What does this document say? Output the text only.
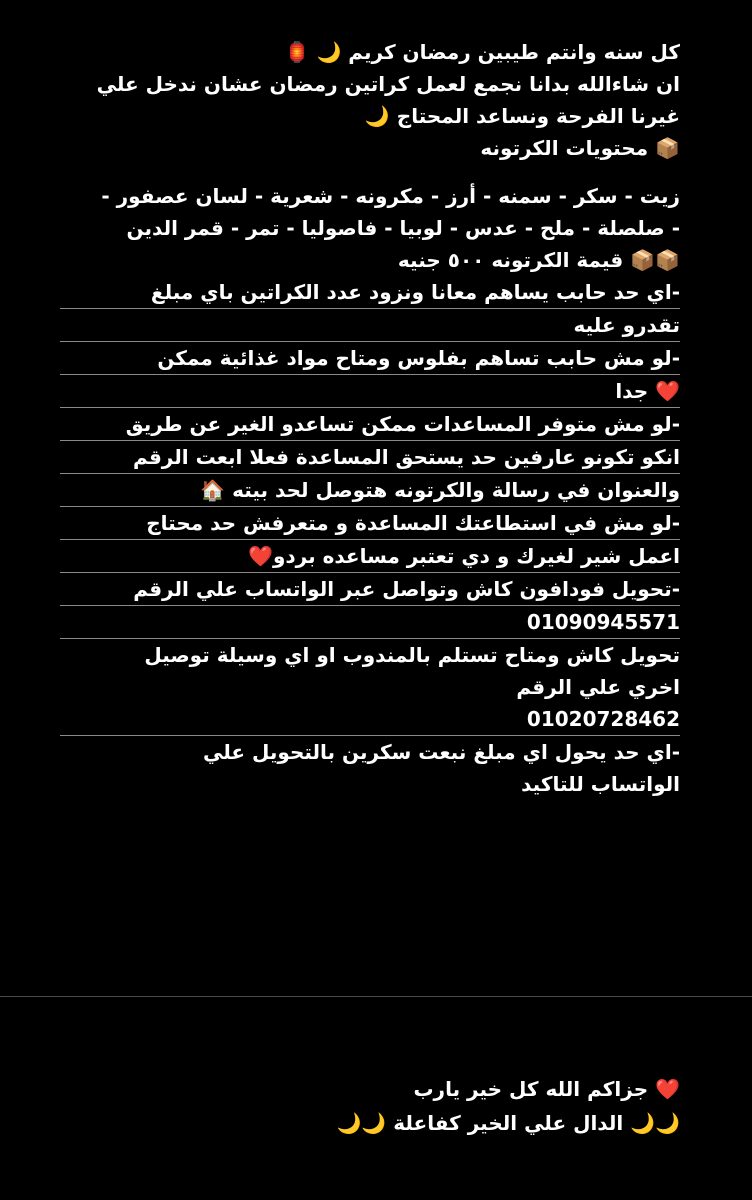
كل سنه وانتم طيبين رمضان كريم 🌙 🏮
ان شاءالله بدانا نجمع لعمل كراتين رمضان عشان ندخل علي
غيرنا الفرحة ونساعد المحتاج 🌙
📦 محتويات الكرتونه
زيت - سكر - سمنه - أرز - مكرونه - شعرية - لسان عصفور -
- صلصلة - ملح - عدس - لوبيا - فاصوليا - تمر - قمر الدين
📦📦 قيمة الكرتونه ٥٠٠ جنيه
-اي حد حابب يساهم معانا ونزود عدد الكراتين باي مبلغ
تقدرو عليه
-لو مش حابب تساهم بفلوس ومتاح مواد غذائية ممكن
❤️ جدا
-لو مش متوفر المساعدات ممكن تساعدو الغير عن طريق
انكو تكونو عارفين حد يستحق المساعدة فعلا ابعت الرقم
والعنوان في رسالة والكرتونه هتوصل لحد بيته 🏠
-لو مش في استطاعتك المساعدة و متعرفش حد محتاج
اعمل شير لغيرك و دي تعتبر مساعده بردو❤️
-تحويل فودافون كاش وتواصل عبر الواتساب علي الرقم
01090945571
تحويل كاش ومتاح تستلم بالمندوب او اي وسيلة توصيل
اخري علي الرقم
01020728462
-اي حد يحول اي مبلغ نبعت سكرين بالتحويل علي
الواتساب للتاكيد
❤️ جزاكم الله كل خير يارب
🌙🌙 الدال علي الخير كفاعلة 🌙🌙
